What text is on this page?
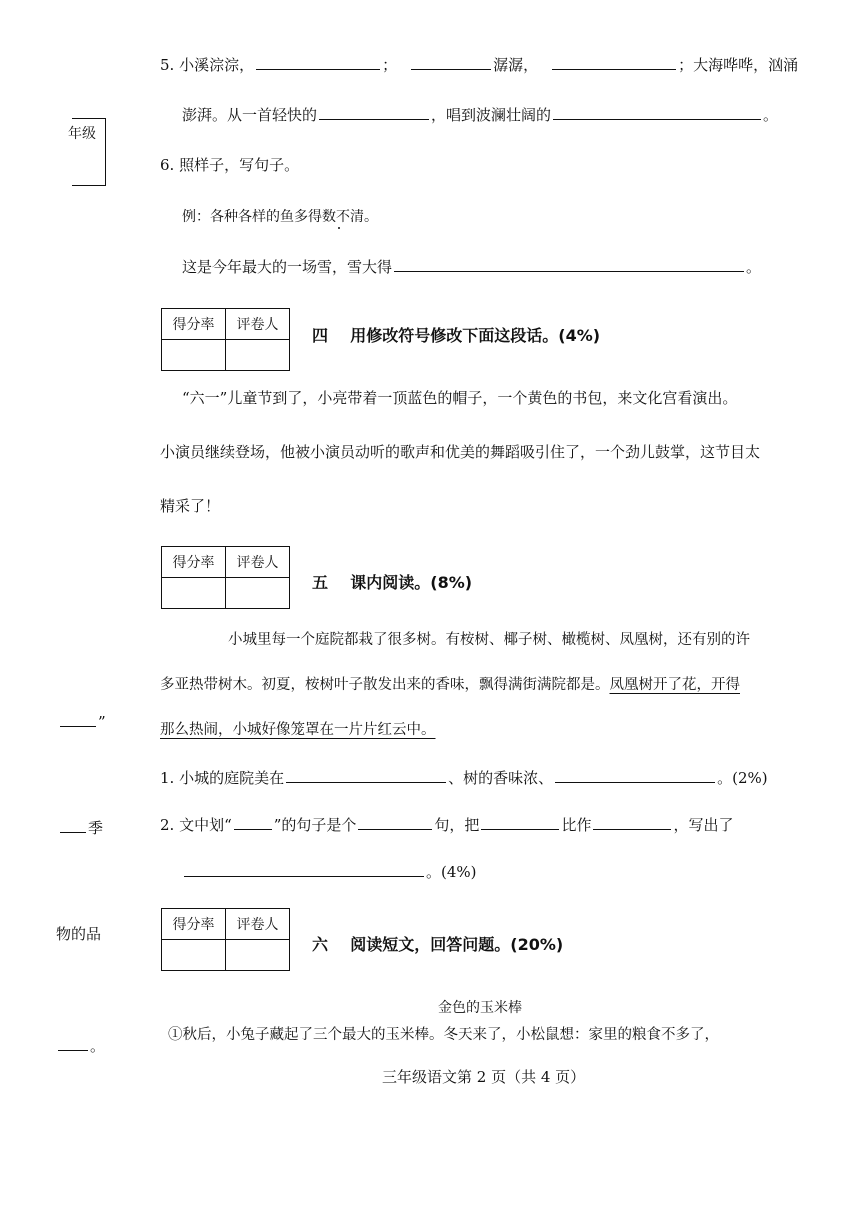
年级
”
季
物的品
。
5. 小溪淙淙，	；	潺潺，	；大海哗哗，汹涌
澎湃。从一首轻快的	，唱到波澜壮阔的	。
6. 照样子，写句子。
例：各种各样的鱼多得数不清。
这是今年最大的一场雪，雪大得	。
得分率	评卷人

四 用修改符号修改下面这段话。(4%)
“六一”儿童节到了，小亮带着一顶蓝色的帽子，一个黄色的书包，来文化宫看演出。
小演员继续登场，他被小演员动听的歌声和优美的舞蹈吸引住了，一个劲儿鼓掌，这节目太
精采了！
得分率	评卷人

五 课内阅读。(8%)
小城里每一个庭院都栽了很多树。有桉树、椰子树、橄榄树、凤凰树，还有别的许
多亚热带树木。初夏，桉树叶子散发出来的香味，飘得满街满院都是。凤凰树开了花，开得
那么热闹，小城好像笼罩在一片片红云中。
1. 小城的庭院美在	、树的香味浓、	。(2%)
2. 文中划“	”的句子是个	句，把	比作	，写出了
。(4%)
得分率	评卷人

六 阅读短文，回答问题。(20%)
金色的玉米棒
①秋后，小兔子藏起了三个最大的玉米棒。冬天来了，小松鼠想：家里的粮食不多了，
三年级语文第 2 页（共 4 页）
